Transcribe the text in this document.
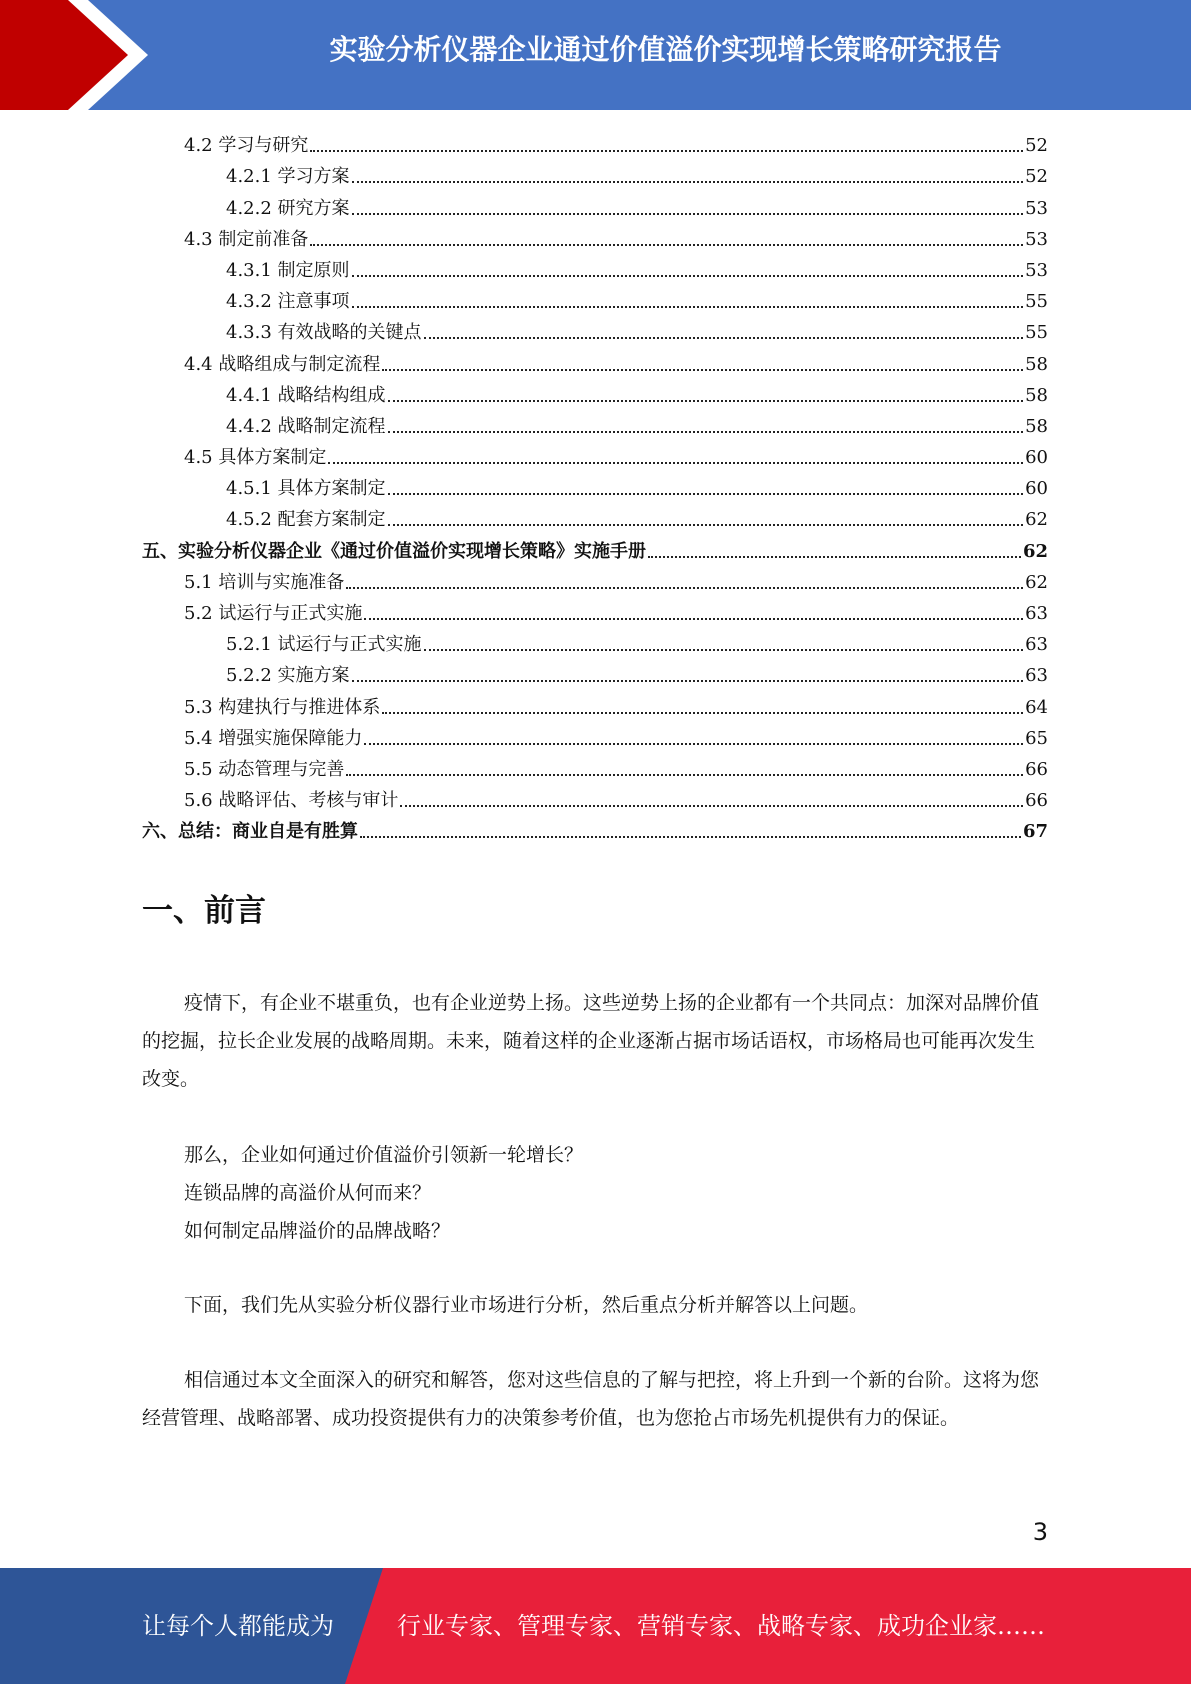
实验分析仪器企业通过价值溢价实现增长策略研究报告
4.2 学习与研究	52
4.2.1 学习方案	52
4.2.2 研究方案	53
4.3 制定前准备	53
4.3.1 制定原则	53
4.3.2 注意事项	55
4.3.3 有效战略的关键点	55
4.4 战略组成与制定流程	58
4.4.1 战略结构组成	58
4.4.2 战略制定流程	58
4.5 具体方案制定	60
4.5.1 具体方案制定	60
4.5.2 配套方案制定	62
五、实验分析仪器企业《通过价值溢价实现增长策略》实施手册	62
5.1 培训与实施准备	62
5.2 试运行与正式实施	63
5.2.1 试运行与正式实施	63
5.2.2 实施方案	63
5.3 构建执行与推进体系	64
5.4 增强实施保障能力	65
5.5 动态管理与完善	66
5.6 战略评估、考核与审计	66
六、总结：商业自是有胜算	67
一、前言

疫情下，有企业不堪重负，也有企业逆势上扬。这些逆势上扬的企业都有一个共同点：加深对品牌价值的挖掘，拉长企业发展的战略周期。未来，随着这样的企业逐渐占据市场话语权，市场格局也可能再次发生改变。

那么，企业如何通过价值溢价引领新一轮增长？
连锁品牌的高溢价从何而来？
如何制定品牌溢价的品牌战略？

下面，我们先从实验分析仪器行业市场进行分析，然后重点分析并解答以上问题。

相信通过本文全面深入的研究和解答，您对这些信息的了解与把控，将上升到一个新的台阶。这将为您经营管理、战略部署、成功投资提供有力的决策参考价值，也为您抢占市场先机提供有力的保证。

3
让每个人都能成为	行业专家、管理专家、营销专家、战略专家、成功企业家……
